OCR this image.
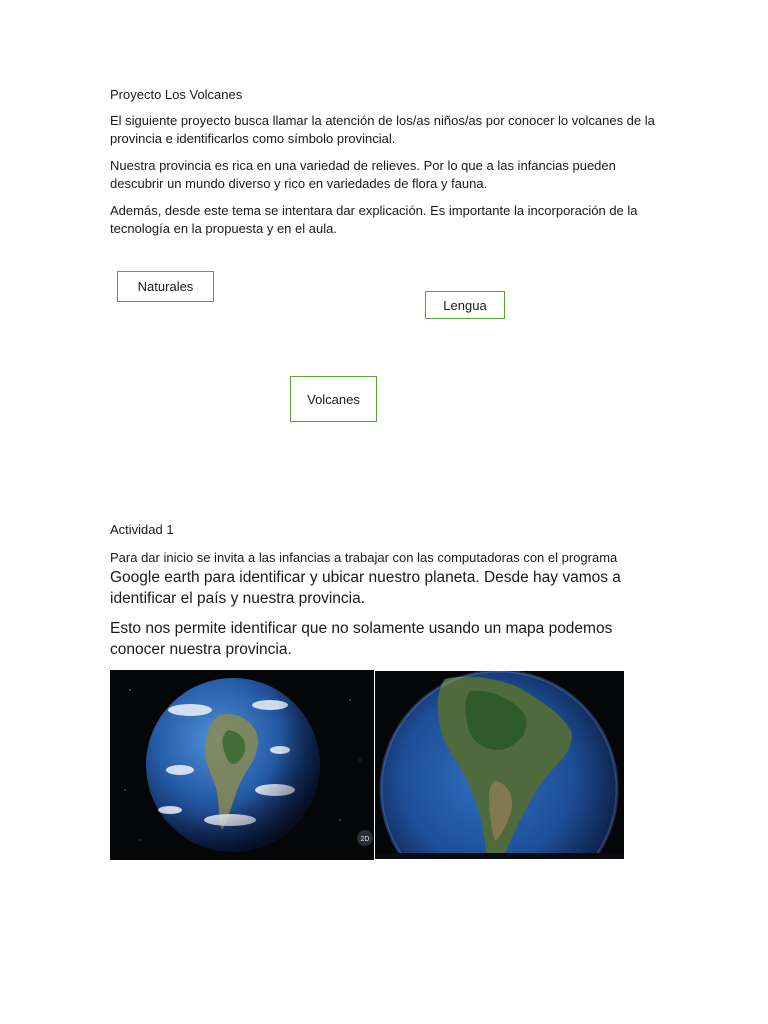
Proyecto Los Volcanes

El siguiente proyecto busca llamar la atención de los/as niños/as por conocer lo volcanes de la provincia e identificarlos como símbolo provincial.

Nuestra provincia es rica en una variedad de relieves. Por lo que a las infancias pueden descubrir un mundo diverso y rico en variedades de flora y fauna.

Además, desde este tema se intentara dar explicación. Es importante la incorporación de la tecnología en la propuesta y en el aula.

Naturales
Lengua
Volcanes

Actividad 1

Para dar inicio se invita a las infancias a trabajar con las computadoras con el programa

Google earth para identificar y ubicar nuestro planeta. Desde hay vamos a identificar el país y nuestra provincia.

Esto nos permite identificar que no solamente usando un mapa podemos conocer nuestra provincia.

2D
